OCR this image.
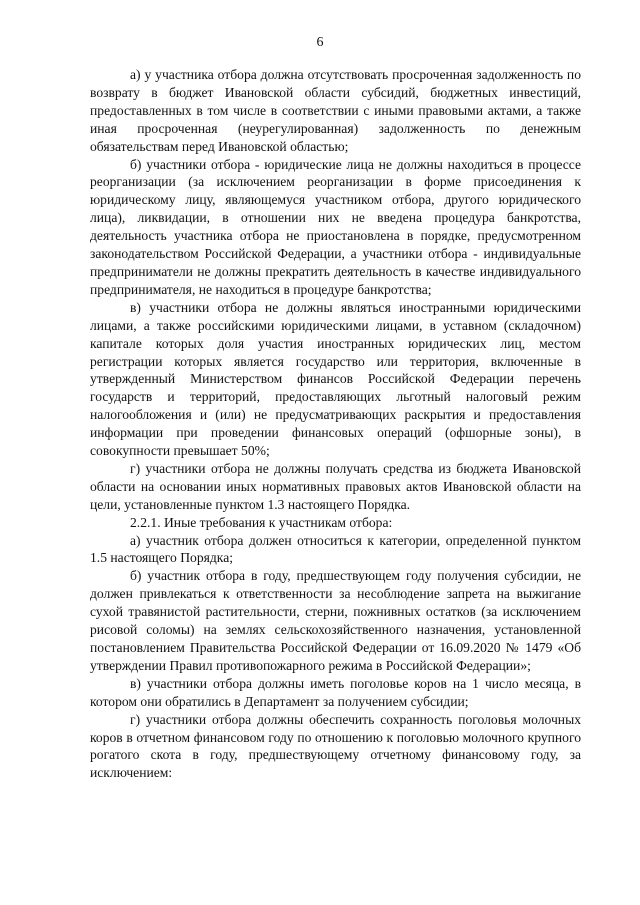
6

а) у участника отбора должна отсутствовать просроченная задолженность по возврату в бюджет Ивановской области субсидий, бюджетных инвестиций, предоставленных в том числе в соответствии с иными правовыми актами, а также иная просроченная (неурегулированная) задолженность по денежным обязательствам перед Ивановской областью;

б) участники отбора - юридические лица не должны находиться в процессе реорганизации (за исключением реорганизации в форме присоединения к юридическому лицу, являющемуся участником отбора, другого юридического лица), ликвидации, в отношении них не введена процедура банкротства, деятельность участника отбора не приостановлена в порядке, предусмотренном законодательством Российской Федерации, а участники отбора - индивидуальные предприниматели не должны прекратить деятельность в качестве индивидуального предпринимателя, не находиться в процедуре банкротства;

в) участники отбора не должны являться иностранными юридическими лицами, а также российскими юридическими лицами, в уставном (складочном) капитале которых доля участия иностранных юридических лиц, местом регистрации которых является государство или территория, включенные в утвержденный Министерством финансов Российской Федерации перечень государств и территорий, предоставляющих льготный налоговый режим налогообложения и (или) не предусматривающих раскрытия и предоставления информации при проведении финансовых операций (офшорные зоны), в совокупности превышает 50%;

г) участники отбора не должны получать средства из бюджета Ивановской области на основании иных нормативных правовых актов Ивановской области на цели, установленные пунктом 1.3 настоящего Порядка.

2.2.1. Иные требования к участникам отбора:

а) участник отбора должен относиться к категории, определенной пунктом 1.5 настоящего Порядка;

б) участник отбора в году, предшествующем году получения субсидии, не должен привлекаться к ответственности за несоблюдение запрета на выжигание сухой травянистой растительности, стерни, пожнивных остатков (за исключением рисовой соломы) на землях сельскохозяйственного назначения, установленной постановлением Правительства Российской Федерации от 16.09.2020 № 1479 «Об утверждении Правил противопожарного режима в Российской Федерации»;

в) участники отбора должны иметь поголовье коров на 1 число месяца, в котором они обратились в Департамент за получением субсидии;

г) участники отбора должны обеспечить сохранность поголовья молочных коров в отчетном финансовом году по отношению к поголовью молочного крупного рогатого скота в году, предшествующему отчетному финансовому году, за исключением:
